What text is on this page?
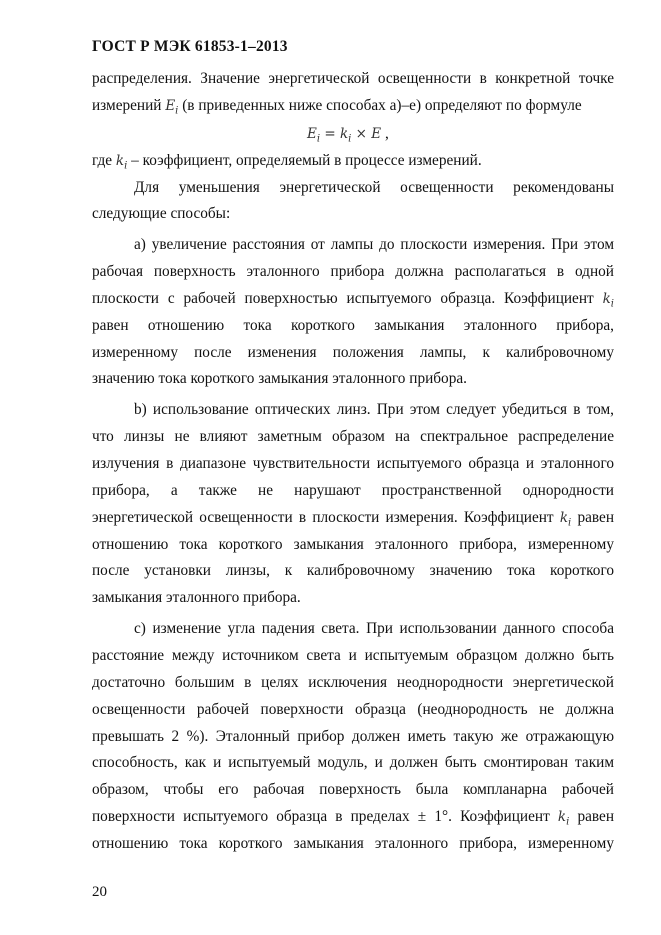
ГОСТ Р МЭК 61853-1–2013
распределения. Значение энергетической освещенности в конкретной точке
измерений $E_i$ (в приведенных ниже способах а)–е) определяют по формуле
$E_i = k_i \times E$ ,
где $k_i$ – коэффициент, определяемый в процессе измерений.
Для уменьшения энергетической освещенности рекомендованы
следующие способы:
а) увеличение расстояния от лампы до плоскости измерения. При этом
рабочая поверхность эталонного прибора должна располагаться в одной
плоскости с рабочей поверхностью испытуемого образца. Коэффициент $k_i$
равен отношению тока короткого замыкания эталонного прибора,
измеренному после изменения положения лампы, к калибровочному
значению тока короткого замыкания эталонного прибора.
b) использование оптических линз. При этом следует убедиться в том,
что линзы не влияют заметным образом на спектральное распределение
излучения в диапазоне чувствительности испытуемого образца и эталонного
прибора, а также не нарушают пространственной однородности
энергетической освещенности в плоскости измерения. Коэффициент $k_i$ равен
отношению тока короткого замыкания эталонного прибора, измеренному
после установки линзы, к калибровочному значению тока короткого
замыкания эталонного прибора.
с) изменение угла падения света. При использовании данного способа
расстояние между источником света и испытуемым образцом должно быть
достаточно большим в целях исключения неоднородности энергетической
освещенности рабочей поверхности образца (неоднородность не должна
превышать 2 %). Эталонный прибор должен иметь такую же отражающую
способность, как и испытуемый модуль, и должен быть смонтирован таким
образом, чтобы его рабочая поверхность была компланарна рабочей
поверхности испытуемого образца в пределах ± 1°. Коэффициент $k_i$ равен
отношению тока короткого замыкания эталонного прибора, измеренному
20
